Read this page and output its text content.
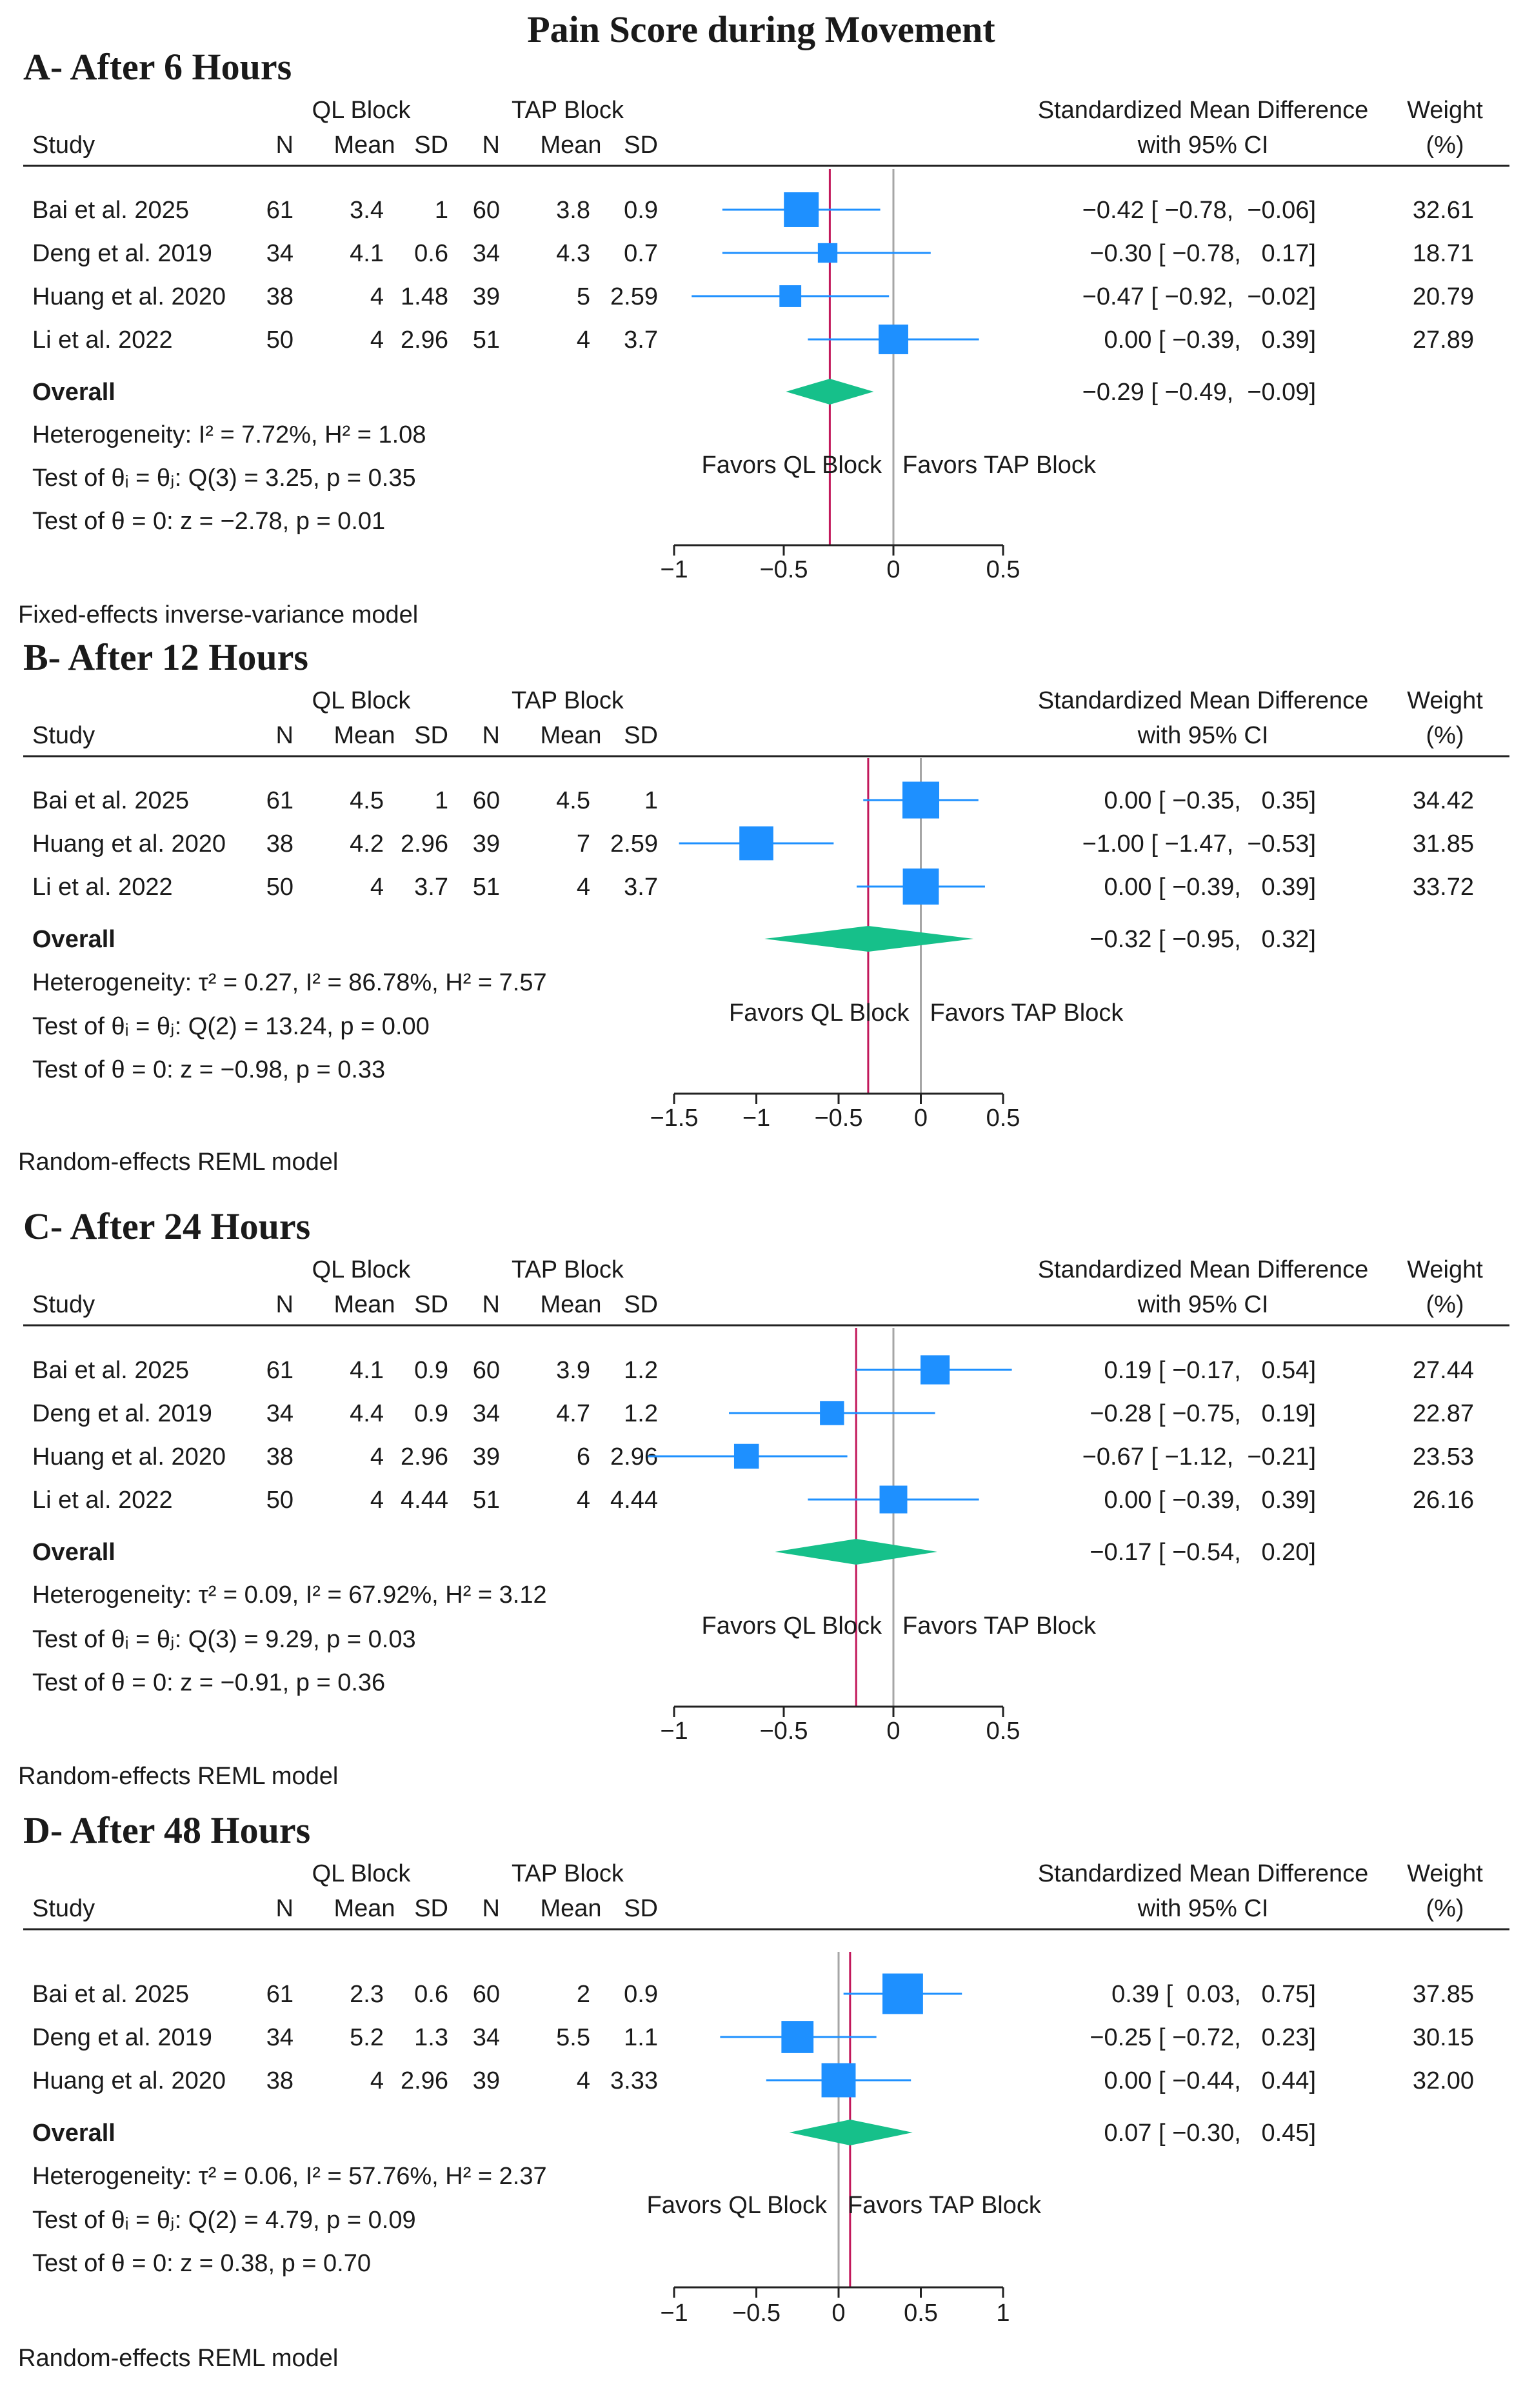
Pain Score during Movement
A- After 6 Hours
QL Block	TAP Block	Standardized Mean Difference Weight
Study	N Mean SD N Mean SD	with 95% CI	(%)
Bai et al. 2025	61 3.4 1 60 3.8 0.9	−0.42 [ −0.78,  −0.06]	32.61
Deng et al. 2019 34 4.1 0.6 34 4.3 0.7	−0.30 [ −0.78,   0.17]	18.71
Huang et al. 2020 38	4 1.48 39	5 2.59	−0.47 [ −0.92,  −0.02]	20.79
Li et al. 2022	50	4 2.96 51	4 3.7	0.00 [ −0.39,   0.39]	27.89
Overall	−0.29 [ −0.49,  −0.09]
Heterogeneity: I² = 7.72%, H² = 1.08
Test of θᵢ = θⱼ: Q(3) = 3.25, p = 0.35
Test of θ = 0: z = −2.78, p = 0.01
Favors QL Block Favors TAP Block
−1	−0.5	0	0.5
Fixed-effects inverse-variance model
B- After 12 Hours
QL Block	TAP Block	Standardized Mean Difference Weight
Study	N Mean SD N Mean SD	with 95% CI	(%)
Bai et al. 2025	61 4.5 1 60 4.5 1	0.00 [ −0.35,   0.35]	34.42
Huang et al. 2020 38 4.2 2.96 39	7 2.59	−1.00 [ −1.47,  −0.53]	31.85
Li et al. 2022	50	4 3.7 51	4 3.7	0.00 [ −0.39,   0.39]	33.72
Overall	−0.32 [ −0.95,   0.32]
Heterogeneity: τ² = 0.27, I² = 86.78%, H² = 7.57
Test of θᵢ = θⱼ: Q(2) = 13.24, p = 0.00
Test of θ = 0: z = −0.98, p = 0.33
Favors QL Block Favors TAP Block
−1.5 −1 −0.5 0 0.5
Random-effects REML model
C- After 24 Hours
QL Block	TAP Block	Standardized Mean Difference Weight
Study	N Mean SD N Mean SD	with 95% CI	(%)
Bai et al. 2025	61 4.1 0.9 60 3.9 1.2	0.19 [ −0.17,   0.54]	27.44
Deng et al. 2019 34 4.4 0.9 34 4.7 1.2	−0.28 [ −0.75,   0.19]	22.87
Huang et al. 2020 38	4 2.96 39	6 2.96	−0.67 [ −1.12,  −0.21]	23.53
Li et al. 2022	50	4 4.44 51	4 4.44	0.00 [ −0.39,   0.39]	26.16
Overall	−0.17 [ −0.54,   0.20]
Heterogeneity: τ² = 0.09, I² = 67.92%, H² = 3.12
Test of θᵢ = θⱼ: Q(3) = 9.29, p = 0.03
Test of θ = 0: z = −0.91, p = 0.36
Favors QL Block Favors TAP Block
−1	−0.5	0	0.5
Random-effects REML model
D- After 48 Hours
QL Block	TAP Block	Standardized Mean Difference Weight
Study	N Mean SD N Mean SD	with 95% CI	(%)
Bai et al. 2025	61 2.3 0.6 60	2 0.9	0.39 [  0.03,   0.75]	37.85
Deng et al. 2019 34 5.2 1.3 34 5.5 1.1	−0.25 [ −0.72,   0.23]	30.15
Huang et al. 2020 38	4 2.96 39	4 3.33	0.00 [ −0.44,   0.44]	32.00
Overall	0.07 [ −0.30,   0.45]
Heterogeneity: τ² = 0.06, I² = 57.76%, H² = 2.37
Test of θᵢ = θⱼ: Q(2) = 4.79, p = 0.09
Test of θ = 0: z = 0.38, p = 0.70
Favors QL Block Favors TAP Block
−1 −0.5 0 0.5 1
Random-effects REML model
